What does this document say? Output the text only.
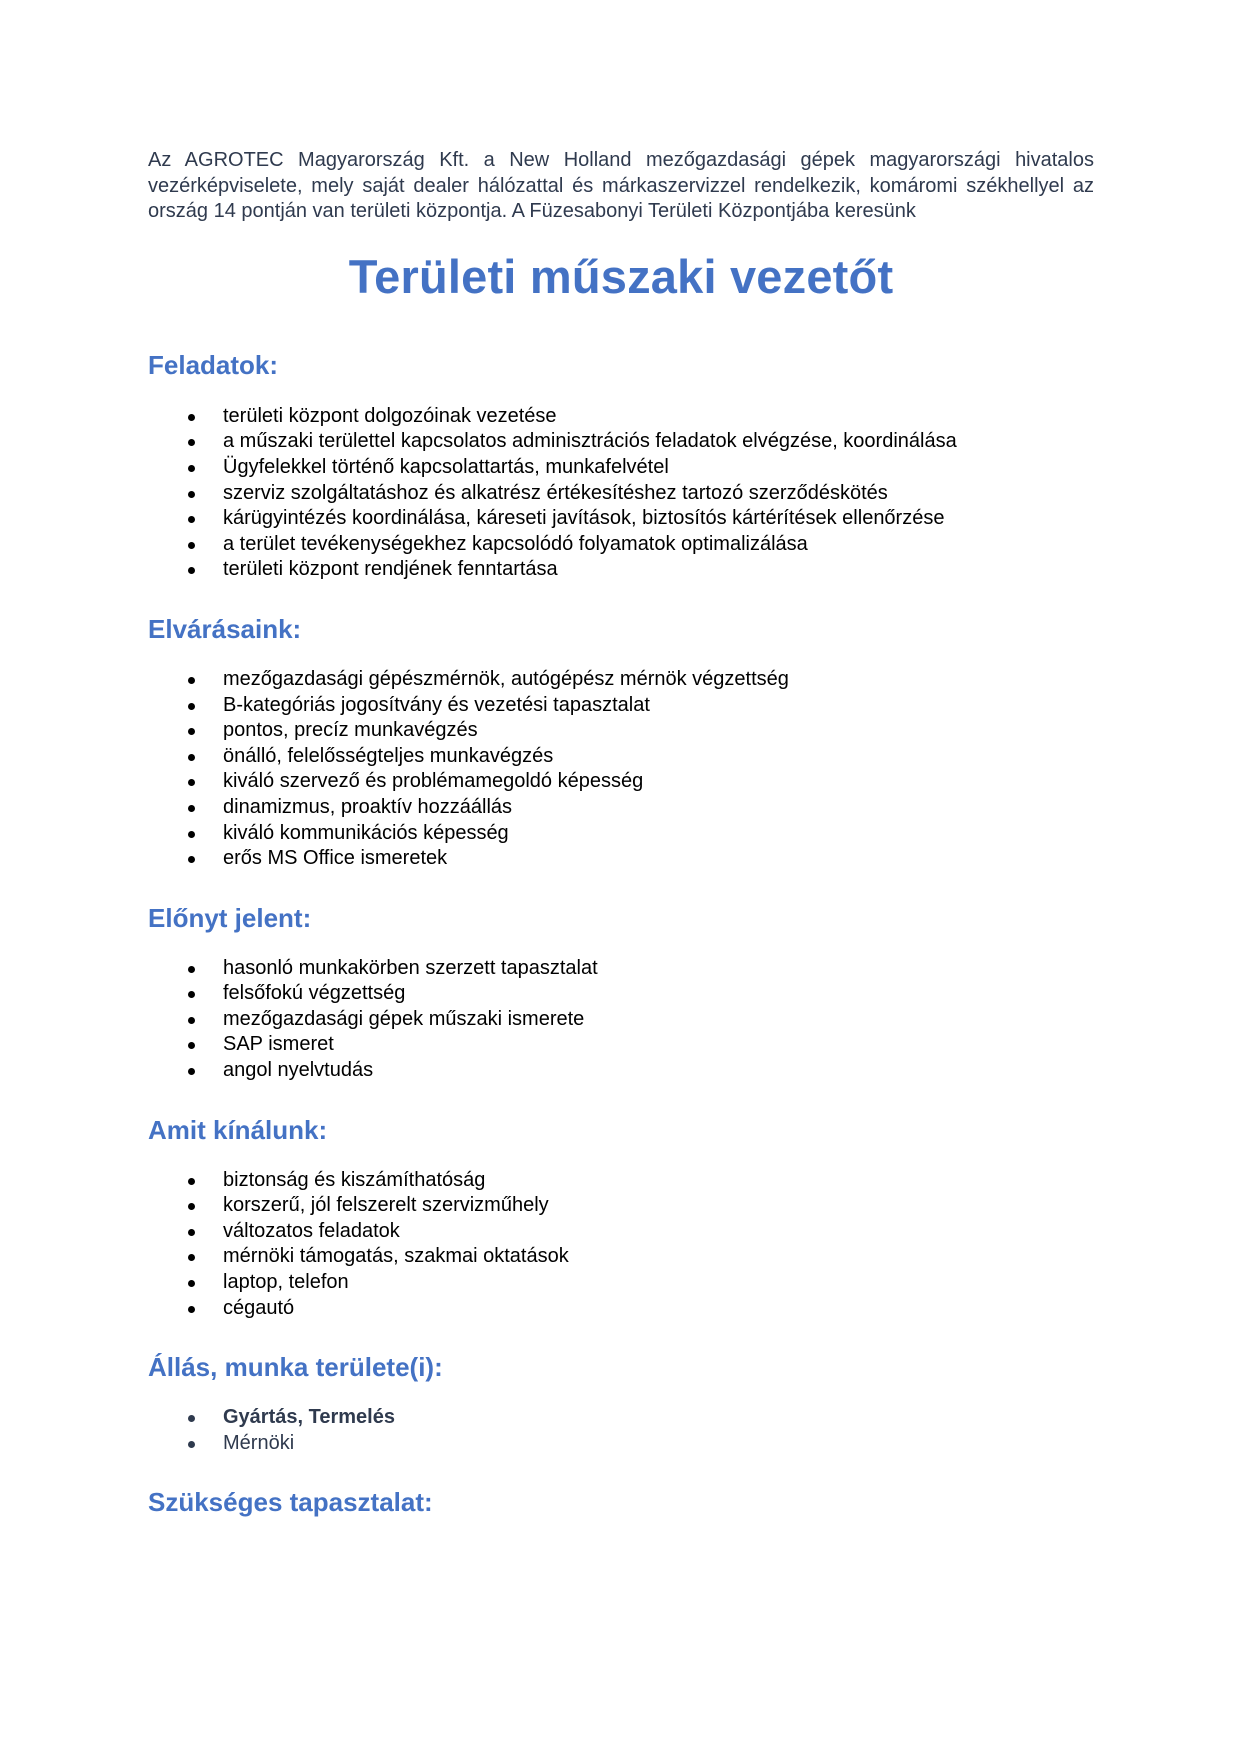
Az AGROTEC Magyarország Kft. a New Holland mezőgazdasági gépek magyarországi hivatalos vezérképviselete, mely saját dealer hálózattal és márkaszervizzel rendelkezik, komáromi székhellyel az ország 14 pontján van területi központja. A Füzesabonyi Területi Központjába keresünk

Területi műszaki vezetőt
Feladatok:
területi központ dolgozóinak vezetése
a műszaki területtel kapcsolatos adminisztrációs feladatok elvégzése, koordinálása
Ügyfelekkel történő kapcsolattartás, munkafelvétel
szerviz szolgáltatáshoz és alkatrész értékesítéshez tartozó szerződéskötés
kárügyintézés koordinálása, káreseti javítások, biztosítós kártérítések ellenőrzése
a terület tevékenységekhez kapcsolódó folyamatok optimalizálása
területi központ rendjének fenntartása
Elvárásaink:
mezőgazdasági gépészmérnök, autógépész mérnök végzettség
B-kategóriás jogosítvány és vezetési tapasztalat
pontos, precíz munkavégzés
önálló, felelősségteljes munkavégzés
kiváló szervező és problémamegoldó képesség
dinamizmus, proaktív hozzáállás
kiváló kommunikációs képesség
erős MS Office ismeretek
Előnyt jelent:
hasonló munkakörben szerzett tapasztalat
felsőfokú végzettség
mezőgazdasági gépek műszaki ismerete
SAP ismeret
angol nyelvtudás
Amit kínálunk:
biztonság és kiszámíthatóság
korszerű, jól felszerelt szervizműhely
változatos feladatok
mérnöki támogatás, szakmai oktatások
laptop, telefon
cégautó
Állás, munka területe(i):
Gyártás, Termelés
Mérnöki
Szükséges tapasztalat:
